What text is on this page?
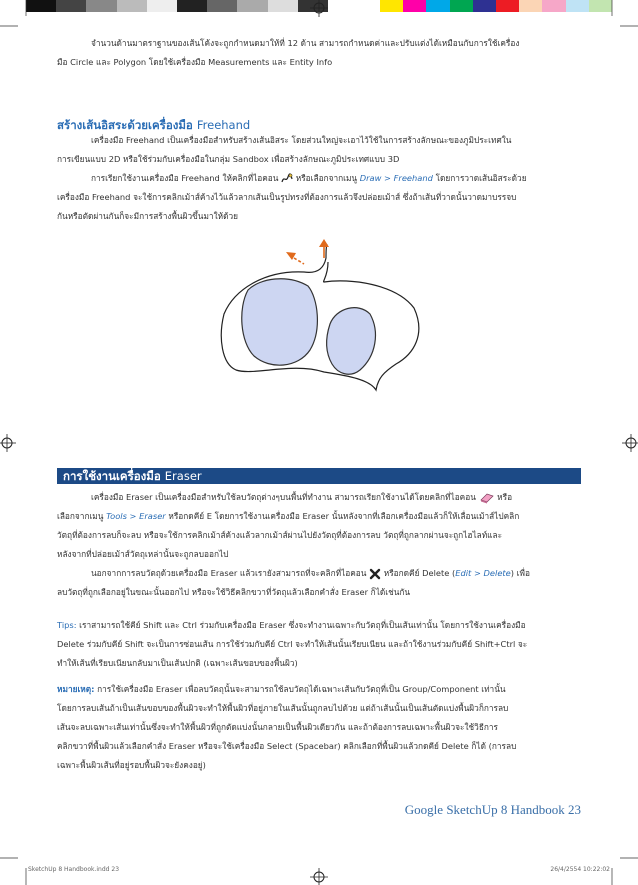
จำนวนด้านมาตราฐานของเส้นโค้งจะถูกกำหนดมาให้ที่ 12 ด้าน สามารถกำหนดค่าและปรับแต่งได้เหมือนกับการใช้เครื่อง
มือ Circle และ Polygon โดยใช้เครื่องมือ Measurements และ Entity Info
สร้างเส้นอิสระด้วยเครื่องมือ Freehand
เครื่องมือ Freehand เป็นเครื่องมือสำหรับสร้างเส้นอิสระ โดยส่วนใหญ่จะเอาไว้ใช้ในการสร้างลักษณะของภูมิประเทศใน
การเขียนแบบ 2D หรือใช้ร่วมกับเครื่องมือในกลุ่ม Sandbox เพื่อสร้างลักษณะภูมิประเทศแบบ 3D
การเรียกใช้งานเครื่องมือ Freehand ให้คลิกที่ไอคอน หรือเลือกจากเมนู Draw > Freehand โดยการวาดเส้นอิสระด้วย
เครื่องมือ Freehand จะใช้การคลิกเม้าส์ค้างไว้แล้วลากเส้นเป็นรูปทรงที่ต้องการแล้วจึงปล่อยเม้าส์ ซึ่งถ้าเส้นที่วาดนั้นวาดมาบรรจบ
กันหรือตัดผ่านกันก็จะมีการสร้างพื้นผิวขึ้นมาให้ด้วย
การใช้งานเครื่องมือ Eraser
เครื่องมือ Eraser เป็นเครื่องมือสำหรับใช้ลบวัตถุต่างๆบนพื้นที่ทำงาน สามารถเรียกใช้งานได้โดยคลิกที่ไอคอน	หรือ
เลือกจากเมนู Tools > Eraser หรือกดคีย์ E โดยการใช้งานเครื่องมือ Eraser นั้นหลังจากที่เลือกเครื่องมือแล้วก็ให้เลื่อนเม้าส์ไปคลิก
วัตถุที่ต้องการลบก็จะลบ หรือจะใช้การคลิกเม้าส์ค้างแล้วลากเม้าส์ผ่านไปยังวัตถุที่ต้องการลบ วัตถุที่ถูกลากผ่านจะถูกไฮไลท์และ
หลังจากที่ปล่อยเม้าส์วัตถุเหล่านั้นจะถูกลบออกไป
นอกจากการลบวัตถุด้วยเครื่องมือ Eraser แล้วเรายังสามารถที่จะคลิกที่ไอคอน หรือกดคีย์ Delete (Edit > Delete) เพื่อ
ลบวัตถุที่ถูกเลือกอยู่ในขณะนั้นออกไป หรือจะใช้วิธีคลิกขวาที่วัตถุแล้วเลือกคำสั่ง Eraser ก็ได้เช่นกัน
Tips: เราสามารถใช้คีย์ Shift และ Ctrl ร่วมกับเครื่องมือ Eraser ซึ่งจะทำงานเฉพาะกับวัตถุที่เป็นเส้นเท่านั้น โดยการใช้งานเครื่องมือ
Delete ร่วมกับคีย์ Shift จะเป็นการซ่อนเส้น การใช้ร่วมกับคีย์ Ctrl จะทำให้เส้นนั้นเรียบเนียน และถ้าใช้งานร่วมกับคีย์ Shift+Ctrl จะ
ทำให้เส้นที่เรียบเนียนกลับมาเป็นเส้นปกติ (เฉพาะเส้นขอบของพื้นผิว)
หมายเหตุ: การใช้เครื่องมือ Eraser เพื่อลบวัตถุนั้นจะสามารถใช้ลบวัตถุได้เฉพาะเส้นกับวัตถุที่เป็น Group/Component เท่านั้น
โดยการลบเส้นถ้าเป็นเส้นขอบของพื้นผิวจะทำให้พื้นผิวที่อยู่ภายในเส้นนั้นถูกลบไปด้วย แต่ถ้าเส้นนั้นเป็นเส้นตัดแบ่งพื้นผิวก็การลบ
เส้นจะลบเฉพาะเส้นเท่านั้นซึ่งจะทำให้พื้นผิวที่ถูกตัดแบ่งนั้นกลายเป็นพื้นผิวเดียวกัน และถ้าต้องการลบเฉพาะพื้นผิวจะใช้วิธีการ
คลิกขวาที่พื้นผิวแล้วเลือกคำสั่ง Eraser หรือจะใช้เครื่องมือ Select (Spacebar) คลิกเลือกที่พื้นผิวแล้วกดคีย์ Delete ก็ได้ (การลบ
เฉพาะพื้นผิวเส้นที่อยู่รอบพื้นผิวจะยังคงอยู่)
Google SketchUp 8 Handbook 23
SketchUp 8 Handbook.indd 23	26/4/2554 10:22:02
